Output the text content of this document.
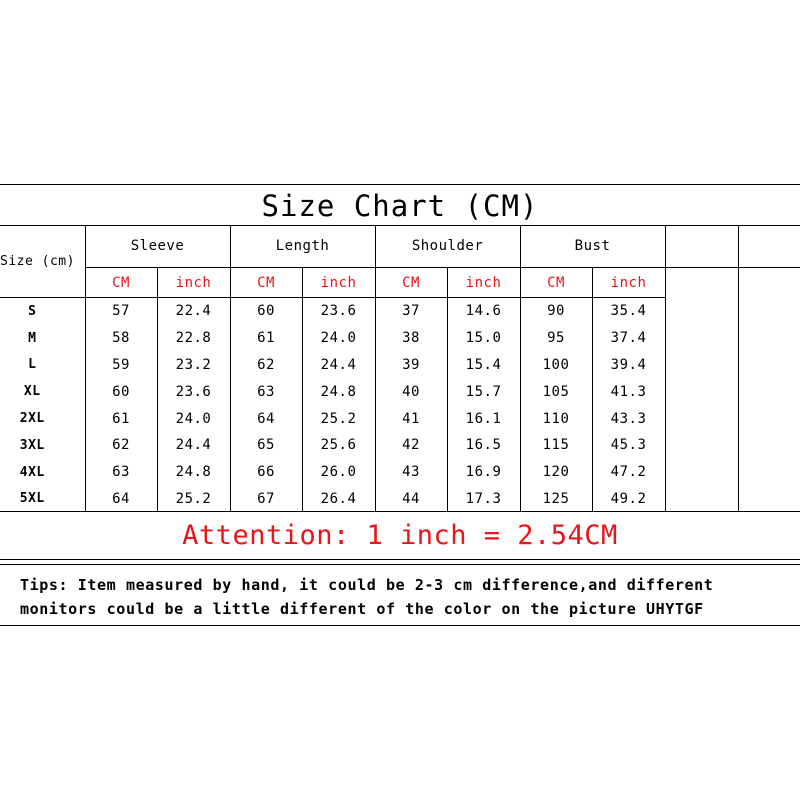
Size Chart (CM)
Size (cm)	Sleeve		Length		Shoulder		Bust			
	CM	inch	CM	inch	CM	inch	CM	inch		
S	57	22.4	60	23.6	37	14.6	90	35.4		
M	58	22.8	61	24.0	38	15.0	95	37.4		
L	59	23.2	62	24.4	39	15.4	100	39.4		
XL	60	23.6	63	24.8	40	15.7	105	41.3		
2XL	61	24.0	64	25.2	41	16.1	110	43.3		
3XL	62	24.4	65	25.6	42	16.5	115	45.3		
4XL	63	24.8	66	26.0	43	16.9	120	47.2		
5XL	64	25.2	67	26.4	44	17.3	125	49.2		
Attention: 1 inch = 2.54CM
Tips: Item measured by hand, it could be 2-3 cm difference,and different
monitors could be a little different of the color on the picture UHYTGF
